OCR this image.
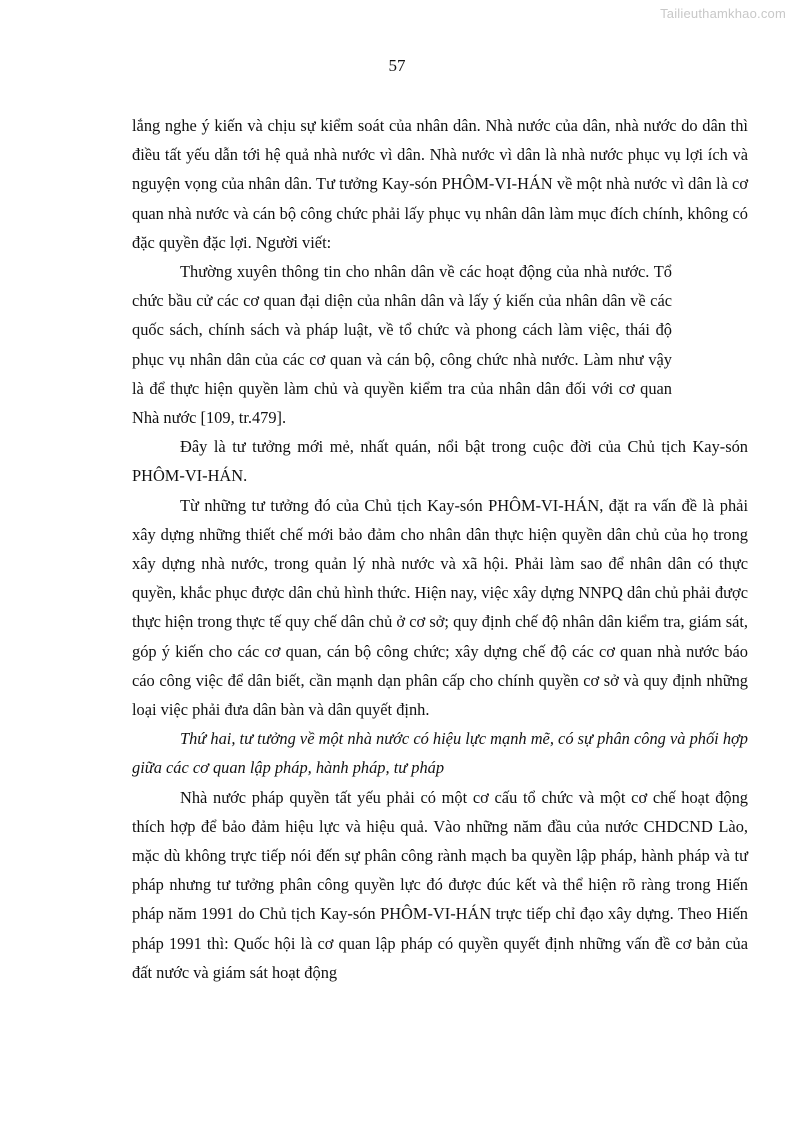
Tailieuthamkhao.com
57

lắng nghe ý kiến và chịu sự kiểm soát của nhân dân. Nhà nước của dân, nhà nước do dân thì điều tất yếu dẫn tới hệ quả nhà nước vì dân. Nhà nước vì dân là nhà nước phục vụ lợi ích và nguyện vọng của nhân dân. Tư tưởng Kay-són PHÔM-VI-HÁN về một nhà nước vì dân là cơ quan nhà nước và cán bộ công chức phải lấy phục vụ nhân dân làm mục đích chính, không có đặc quyền đặc lợi. Người viết:

Thường xuyên thông tin cho nhân dân về các hoạt động của nhà nước. Tổ chức bầu cử các cơ quan đại diện của nhân dân và lấy ý kiến của nhân dân về các quốc sách, chính sách và pháp luật, về tổ chức và phong cách làm việc, thái độ phục vụ nhân dân của các cơ quan và cán bộ, công chức nhà nước. Làm như vậy là để thực hiện quyền làm chủ và quyền kiểm tra của nhân dân đối với cơ quan Nhà nước [109, tr.479].

Đây là tư tưởng mới mẻ, nhất quán, nổi bật trong cuộc đời của Chủ tịch Kay-són PHÔM-VI-HÁN.

Từ những tư tưởng đó của Chủ tịch Kay-són PHÔM-VI-HÁN, đặt ra vấn đề là phải xây dựng những thiết chế mới bảo đảm cho nhân dân thực hiện quyền dân chủ của họ trong xây dựng nhà nước, trong quản lý nhà nước và xã hội. Phải làm sao để nhân dân có thực quyền, khắc phục được dân chủ hình thức. Hiện nay, việc xây dựng NNPQ dân chủ phải được thực hiện trong thực tế quy chế dân chủ ở cơ sở; quy định chế độ nhân dân kiểm tra, giám sát, góp ý kiến cho các cơ quan, cán bộ công chức; xây dựng chế độ các cơ quan nhà nước báo cáo công việc để dân biết, cần mạnh dạn phân cấp cho chính quyền cơ sở và quy định những loại việc phải đưa dân bàn và dân quyết định.

Thứ hai, tư tưởng về một nhà nước có hiệu lực mạnh mẽ, có sự phân công và phối hợp giữa các cơ quan lập pháp, hành pháp, tư pháp

Nhà nước pháp quyền tất yếu phải có một cơ cấu tổ chức và một cơ chế hoạt động thích hợp để bảo đảm hiệu lực và hiệu quả. Vào những năm đầu của nước CHDCND Lào, mặc dù không trực tiếp nói đến sự phân công rành mạch ba quyền lập pháp, hành pháp và tư pháp nhưng tư tưởng phân công quyền lực đó được đúc kết và thể hiện rõ ràng trong Hiến pháp năm 1991 do Chủ tịch Kay-són PHÔM-VI-HÁN trực tiếp chỉ đạo xây dựng. Theo Hiến pháp 1991 thì: Quốc hội là cơ quan lập pháp có quyền quyết định những vấn đề cơ bản của đất nước và giám sát hoạt động
